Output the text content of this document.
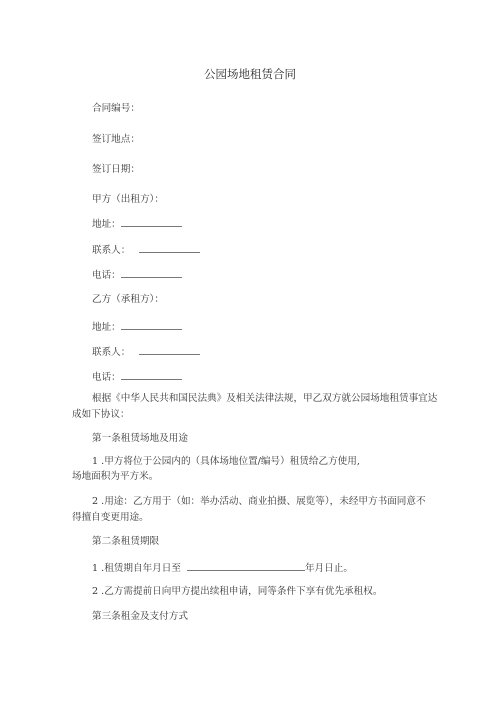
公园场地租赁合同
合同编号：
签订地点：
签订日期：
甲方（出租方）：
地址：
联系人：
电话：
乙方（承租方）：
地址：
联系人：
电话：
根据《中华人民共和国民法典》及相关法律法规，甲乙双方就公园场地租赁事宜达
成如下协议：
第一条租赁场地及用途
1 .甲方将位于公园内的（具体场地位置/编号）租赁给乙方使用,
场地面积为平方米。
2 .用途：乙方用于（如：举办活动、商业拍摄、展览等），未经甲方书面同意不
得擅自变更用途。
第二条租赁期限
1 .租赁期自年月日至	年月日止。
2 .乙方需提前日向甲方提出续租申请，同等条件下享有优先承租权。
第三条租金及支付方式
